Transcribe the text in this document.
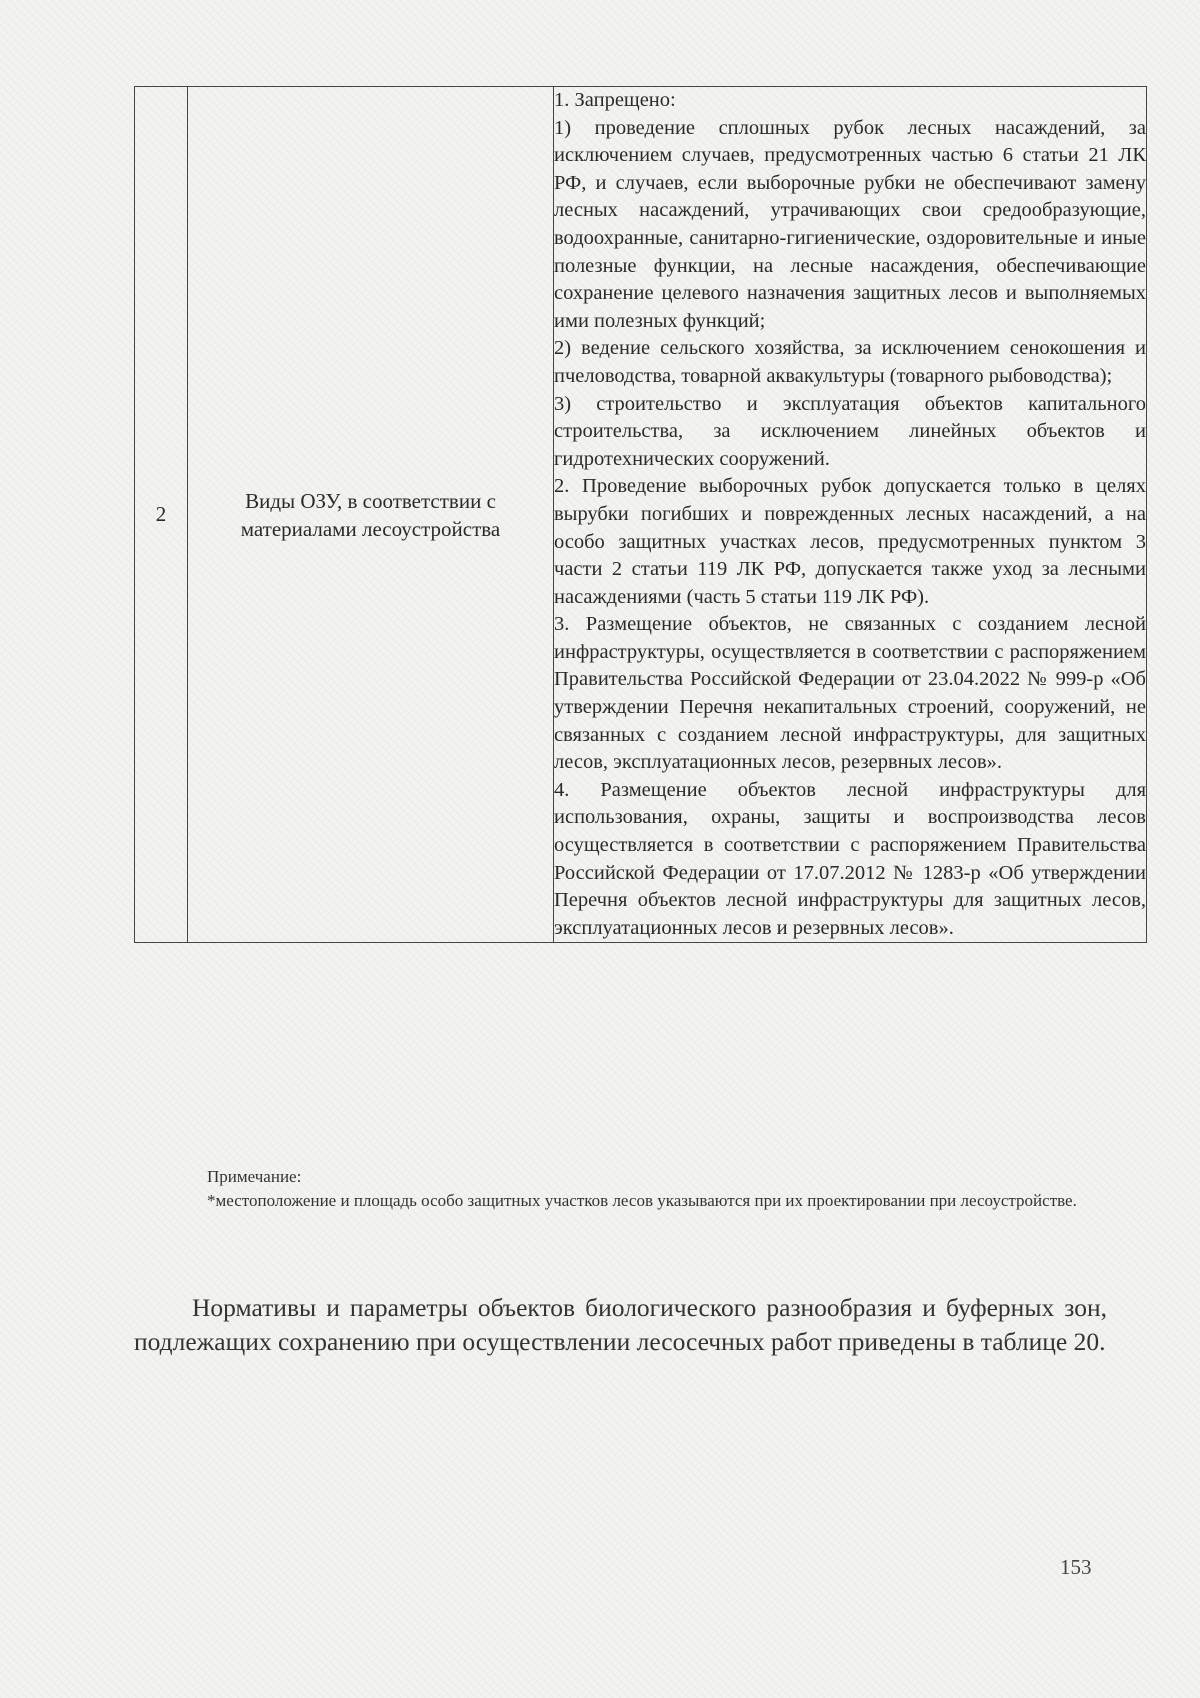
2	Виды ОЗУ, в соответствии с материалами лесоустройства	

1. Запрещено:

1) проведение сплошных рубок лесных насаждений, за исключением случаев, предусмотренных частью 6 статьи 21 ЛК РФ, и случаев, если выборочные рубки не обеспечивают замену лесных насаждений, утрачивающих свои средообразующие, водоохранные, санитарно-гигиенические, оздоровительные и иные полезные функции, на лесные насаждения, обеспечивающие сохранение целевого назначения защитных лесов и выполняемых ими полезных функций;

2) ведение сельского хозяйства, за исключением сенокошения и пчеловодства, товарной аквакультуры (товарного рыбоводства);

3) строительство и эксплуатация объектов капитального строительства, за исключением линейных объектов и гидротехнических сооружений.

2. Проведение выборочных рубок допускается только в целях вырубки погибших и поврежденных лесных насаждений, а на особо защитных участках лесов, предусмотренных пунктом 3 части 2 статьи 119 ЛК РФ, допускается также уход за лесными насаждениями (часть 5 статьи 119 ЛК РФ).

3. Размещение объектов, не связанных с созданием лесной инфраструктуры, осуществляется в соответствии с распоряжением Правительства Российской Федерации от 23.04.2022 № 999-р «Об утверждении Перечня некапитальных строений, сооружений, не связанных с созданием лесной инфраструктуры, для защитных лесов, эксплуатационных лесов, резервных лесов».

4. Размещение объектов лесной инфраструктуры для использования, охраны, защиты и воспроизводства лесов осуществляется в соответствии с распоряжением Правительства Российской Федерации от 17.07.2012 № 1283-р «Об утверждении Перечня объектов лесной инфраструктуры для защитных лесов, эксплуатационных лесов и резервных лесов».

Примечание:

*местоположение и площадь особо защитных участков лесов указываются при их проектировании при лесоустройстве.

Нормативы и параметры объектов биологического разнообразия и буферных зон, подлежащих сохранению при осуществлении лесосечных работ приведены в таблице 20.

153
